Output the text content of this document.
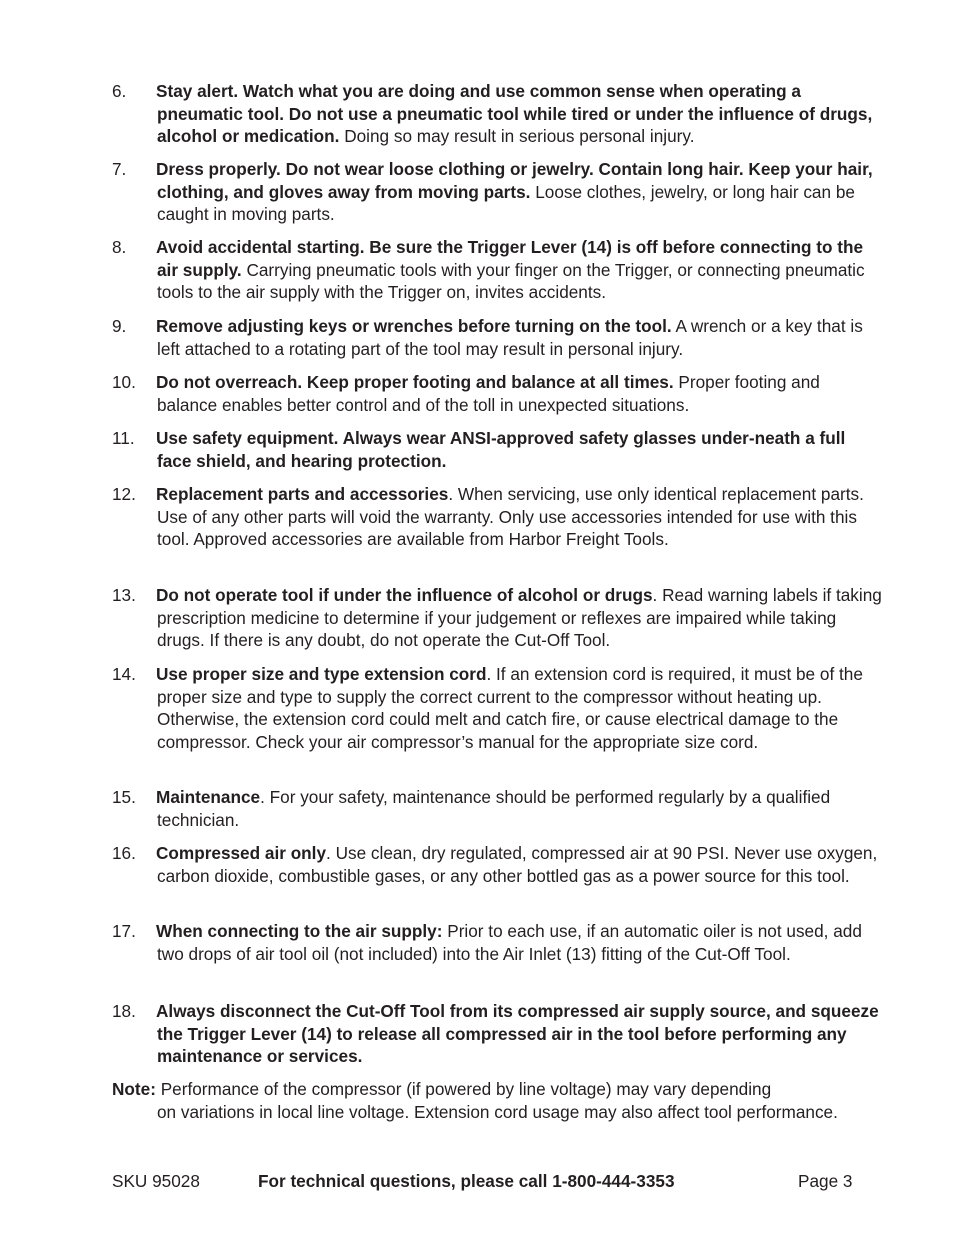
6. Stay alert. Watch what you are doing and use common sense when operating a pneumatic tool. Do not use a pneumatic tool while tired or under the influence of drugs, alcohol or medication. Doing so may result in serious personal injury.
7. Dress properly. Do not wear loose clothing or jewelry. Contain long hair. Keep your hair, clothing, and gloves away from moving parts. Loose clothes, jewelry, or long hair can be caught in moving parts.
8. Avoid accidental starting. Be sure the Trigger Lever (14) is off before connecting to the air supply. Carrying pneumatic tools with your finger on the Trigger, or connecting pneumatic tools to the air supply with the Trigger on, invites accidents.
9. Remove adjusting keys or wrenches before turning on the tool. A wrench or a key that is left attached to a rotating part of the tool may result in personal injury.
10. Do not overreach. Keep proper footing and balance at all times. Proper footing and balance enables better control and of the toll in unexpected situations.
11. Use safety equipment. Always wear ANSI-approved safety glasses under-neath a full face shield, and hearing protection.
12. Replacement parts and accessories. When servicing, use only identical replacement parts. Use of any other parts will void the warranty. Only use accessories intended for use with this tool. Approved accessories are available from Harbor Freight Tools.
13. Do not operate tool if under the influence of alcohol or drugs. Read warning labels if taking prescription medicine to determine if your judgement or reflexes are impaired while taking drugs. If there is any doubt, do not operate the Cut-Off Tool.
14. Use proper size and type extension cord. If an extension cord is required, it must be of the proper size and type to supply the correct current to the compressor without heating up. Otherwise, the extension cord could melt and catch fire, or cause electrical damage to the compressor. Check your air compressor’s manual for the appropriate size cord.
15. Maintenance. For your safety, maintenance should be performed regularly by a qualified technician.
16. Compressed air only. Use clean, dry regulated, compressed air at 90 PSI. Never use oxygen, carbon dioxide, combustible gases, or any other bottled gas as a power source for this tool.
17. When connecting to the air supply: Prior to each use, if an automatic oiler is not used, add two drops of air tool oil (not included) into the Air Inlet (13) fitting of the Cut-Off Tool.
18. Always disconnect the Cut-Off Tool from its compressed air supply source, and squeeze the Trigger Lever (14) to release all compressed air in the tool before performing any maintenance or services.
Note: Performance of the compressor (if powered by line voltage) may vary depending
on variations in local line voltage. Extension cord usage may also affect tool performance.
SKU 95028	For technical questions, please call 1-800-444-3353	Page 3
